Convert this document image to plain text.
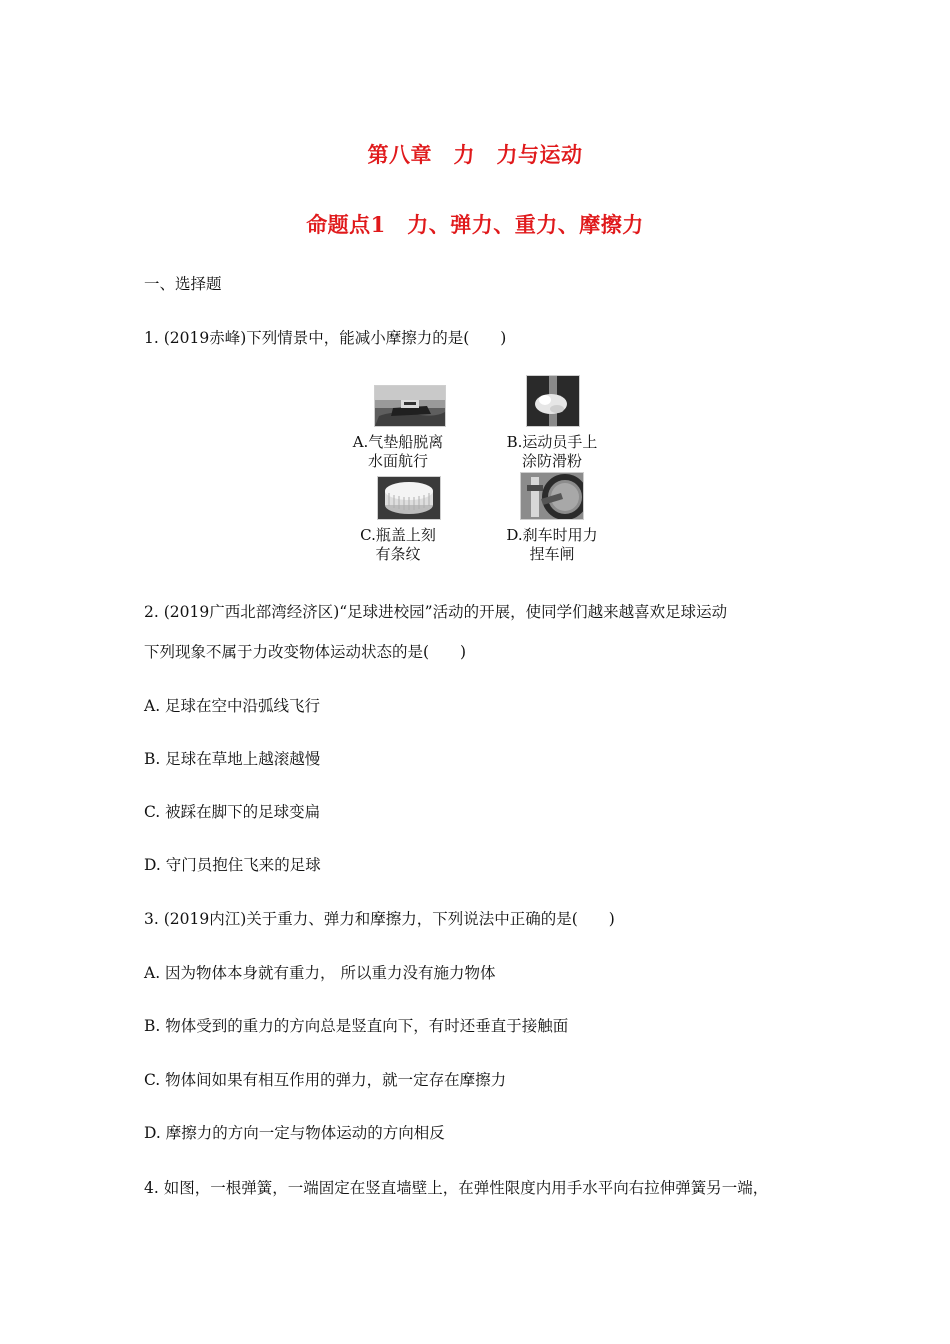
第八章　力　力与运动
命题点1　力、弹力、重力、摩擦力
一、选择题
1. (2019赤峰)下列情景中，能减小摩擦力的是(　　)
A.气垫船脱离
水面航行
B.运动员手上
涂防滑粉
C.瓶盖上刻
有条纹
D.刹车时用力
捏车闸
2. (2019广西北部湾经济区)“足球进校园”活动的开展，使同学们越来越喜欢足球运动
下列现象不属于力改变物体运动状态的是(　　)
A. 足球在空中沿弧线飞行
B. 足球在草地上越滚越慢
C. 被踩在脚下的足球变扁
D. 守门员抱住飞来的足球
3. (2019内江)关于重力、弹力和摩擦力，下列说法中正确的是(　　)
A. 因为物体本身就有重力， 所以重力没有施力物体
B. 物体受到的重力的方向总是竖直向下，有时还垂直于接触面
C. 物体间如果有相互作用的弹力，就一定存在摩擦力
D. 摩擦力的方向一定与物体运动的方向相反
4. 如图，一根弹簧，一端固定在竖直墙壁上，在弹性限度内用手水平向右拉伸弹簧另一端，
